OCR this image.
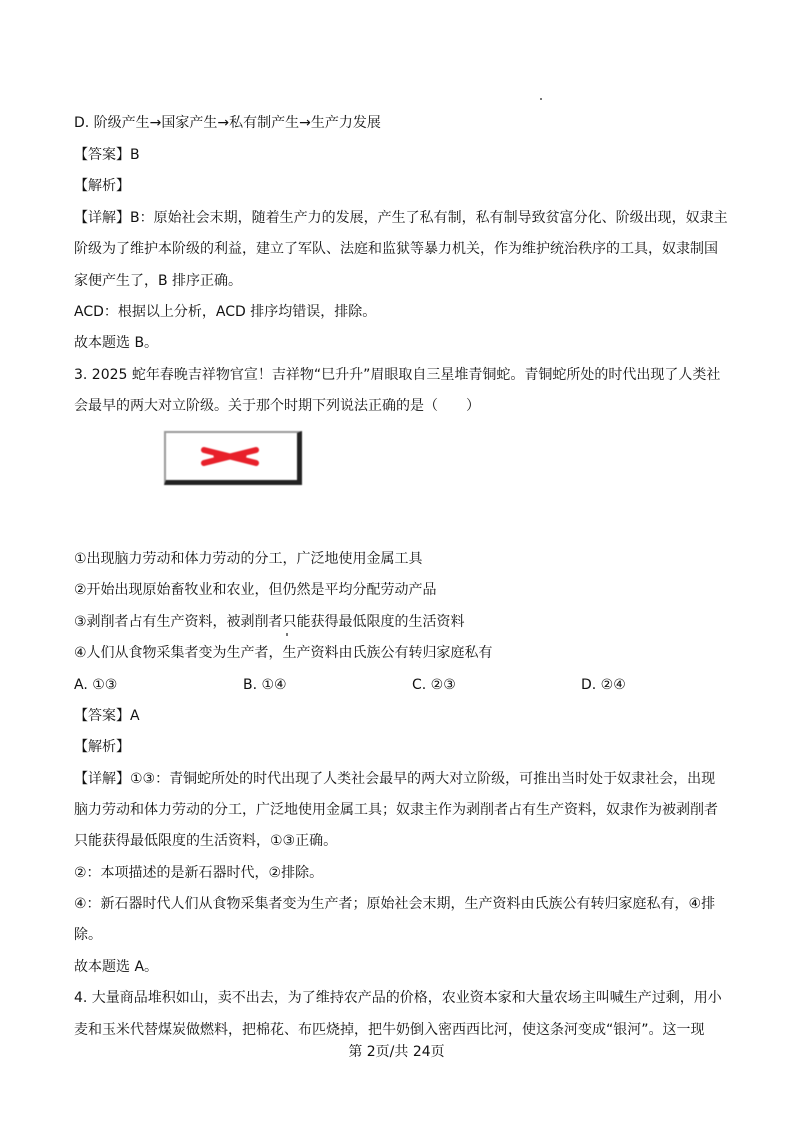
D. 阶级产生→国家产生→私有制产生→生产力发展
【答案】B
【解析】
【详解】B：原始社会末期，随着生产力的发展，产生了私有制，私有制导致贫富分化、阶级出现，奴隶主
阶级为了维护本阶级的利益，建立了军队、法庭和监狱等暴力机关，作为维护统治秩序的工具，奴隶制国
家便产生了，B 排序正确。
ACD：根据以上分析，ACD 排序均错误，排除。
故本题选 B。
3. 2025 蛇年春晚吉祥物官宣！吉祥物“巳升升”眉眼取自三星堆青铜蛇。青铜蛇所处的时代出现了人类社
会最早的两大对立阶级。关于那个时期下列说法正确的是（　　）
①出现脑力劳动和体力劳动的分工，广泛地使用金属工具
②开始出现原始畜牧业和农业，但仍然是平均分配劳动产品
③剥削者占有生产资料，被剥削者只能获得最低限度的生活资料
④人们从食物采集者变为生产者，生产资料由氏族公有转归家庭私有
【答案】A
【解析】
【详解】①③：青铜蛇所处的时代出现了人类社会最早的两大对立阶级，可推出当时处于奴隶社会，出现
脑力劳动和体力劳动的分工，广泛地使用金属工具；奴隶主作为剥削者占有生产资料，奴隶作为被剥削者
只能获得最低限度的生活资料，①③正确。
②：本项描述的是新石器时代，②排除。
④：新石器时代人们从食物采集者变为生产者；原始社会末期，生产资料由氏族公有转归家庭私有，④排
除。
故本题选 A。
4. 大量商品堆积如山，卖不出去，为了维持农产品的价格，农业资本家和大量农场主叫喊生产过剩，用小
麦和玉米代替煤炭做燃料，把棉花、布匹烧掉，把牛奶倒入密西西比河，使这条河变成“银河”。这一现
A. ①③	B. ①④	C. ②③	D. ②④
第 2页/共 24页
